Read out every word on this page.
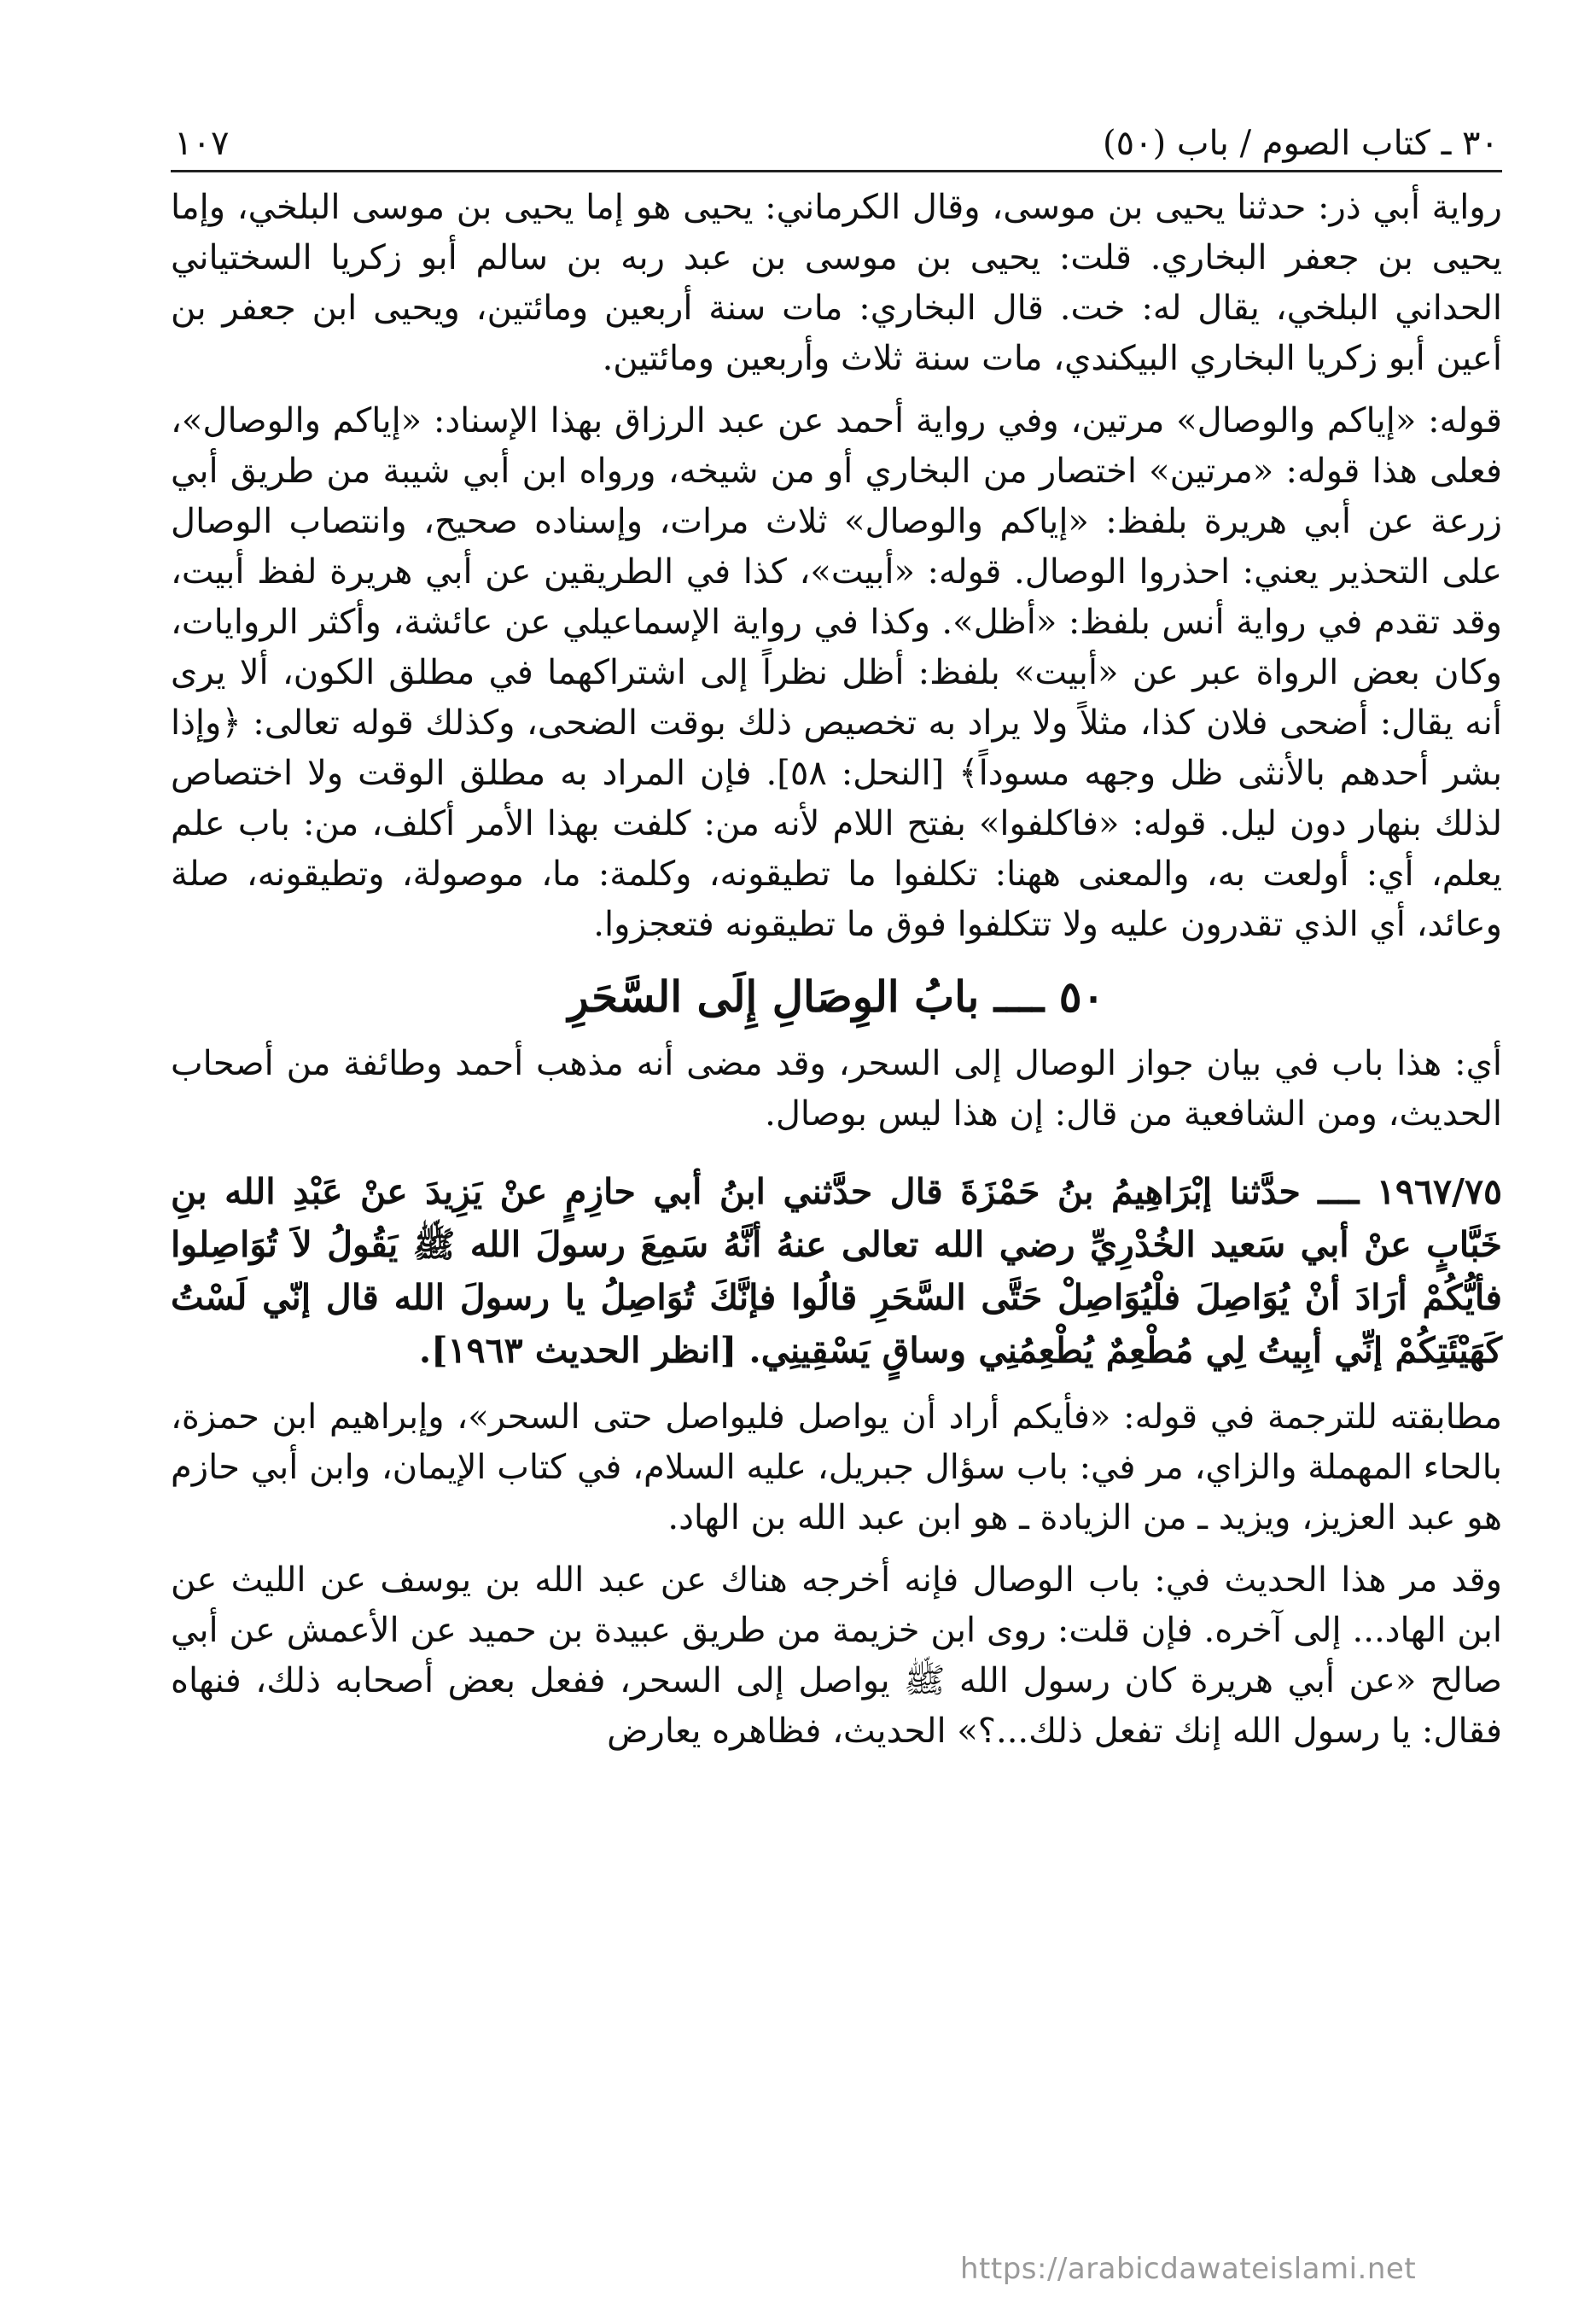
٣٠ ـ كتاب الصوم / باب (٥٠)
١٠٧

رواية أبي ذر: حدثنا يحيى بن موسى، وقال الكرماني: يحيى هو إما يحيى بن موسى البلخي، وإما يحيى بن جعفر البخاري. قلت: يحيى بن موسى بن عبد ربه بن سالم أبو زكريا السختياني الحداني البلخي، يقال له: خت. قال البخاري: مات سنة أربعين ومائتين، ويحيى ابن جعفر بن أعين أبو زكريا البخاري البيكندي، مات سنة ثلاث وأربعين ومائتين.

قوله: «إياكم والوصال» مرتين، وفي رواية أحمد عن عبد الرزاق بهذا الإسناد: «إياكم والوصال»، فعلى هذا قوله: «مرتين» اختصار من البخاري أو من شيخه، ورواه ابن أبي شيبة من طريق أبي زرعة عن أبي هريرة بلفظ: «إياكم والوصال» ثلاث مرات، وإسناده صحيح، وانتصاب الوصال على التحذير يعني: احذروا الوصال. قوله: «أبيت»، كذا في الطريقين عن أبي هريرة لفظ أبيت، وقد تقدم في رواية أنس بلفظ: «أظل». وكذا في رواية الإسماعيلي عن عائشة، وأكثر الروايات، وكان بعض الرواة عبر عن «أبيت» بلفظ: أظل نظراً إلى اشتراكهما في مطلق الكون، ألا يرى أنه يقال: أضحى فلان كذا، مثلاً ولا يراد به تخصيص ذلك بوقت الضحى، وكذلك قوله تعالى: ﴿وإذا بشر أحدهم بالأنثى ظل وجهه مسوداً﴾ [النحل: ٥٨]. فإن المراد به مطلق الوقت ولا اختصاص لذلك بنهار دون ليل. قوله: «فاكلفوا» بفتح اللام لأنه من: كلفت بهذا الأمر أكلف، من: باب علم يعلم، أي: أولعت به، والمعنى ههنا: تكلفوا ما تطيقونه، وكلمة: ما، موصولة، وتطيقونه، صلة وعائد، أي الذي تقدرون عليه ولا تتكلفوا فوق ما تطيقونه فتعجزوا.

٥٠ ــــ بابُ الوِصَالِ إِلَى السَّحَرِ

أي: هذا باب في بيان جواز الوصال إلى السحر، وقد مضى أنه مذهب أحمد وطائفة من أصحاب الحديث، ومن الشافعية من قال: إن هذا ليس بوصال.

١٩٦٧/٧٥ ــــ حدَّثنا إبْرَاهِيمُ بنُ حَمْزَةَ قال حدَّثني ابنُ أبي حازِمٍ عنْ يَزِيدَ عنْ عَبْدِ الله بنِ خَبَّابٍ عنْ أبي سَعيد الخُدْرِيِّ رضي الله تعالى عنهُ أنَّهُ سَمِعَ رسولَ الله ﷺ يَقُولُ لاَ تُوَاصِلوا فأيُّكُمْ أرَادَ أنْ يُوَاصِلَ فلْيُوَاصِلْ حَتَّى السَّحَرِ قالُوا فإنَّكَ تُوَاصِلُ يا رسولَ الله قال إنّي لَسْتُ كَهَيْئَتِكُمْ إنِّي أبِيتُ لِي مُطْعِمٌ يُطْعِمُنِي وساقٍ يَسْقِينِي. [انظر الحديث ١٩٦٣].

مطابقته للترجمة في قوله: «فأيكم أراد أن يواصل فليواصل حتى السحر»، وإبراهيم ابن حمزة، بالحاء المهملة والزاي، مر في: باب سؤال جبريل، عليه السلام، في كتاب الإيمان، وابن أبي حازم هو عبد العزيز، ويزيد ـ من الزيادة ـ هو ابن عبد الله بن الهاد.

وقد مر هذا الحديث في: باب الوصال فإنه أخرجه هناك عن عبد الله بن يوسف عن الليث عن ابن الهاد... إلى آخره. فإن قلت: روى ابن خزيمة من طريق عبيدة بن حميد عن الأعمش عن أبي صالح «عن أبي هريرة كان رسول الله ﷺ يواصل إلى السحر، ففعل بعض أصحابه ذلك، فنهاه فقال: يا رسول الله إنك تفعل ذلك...؟» الحديث، فظاهره يعارض

https://arabicdawateislami.net
